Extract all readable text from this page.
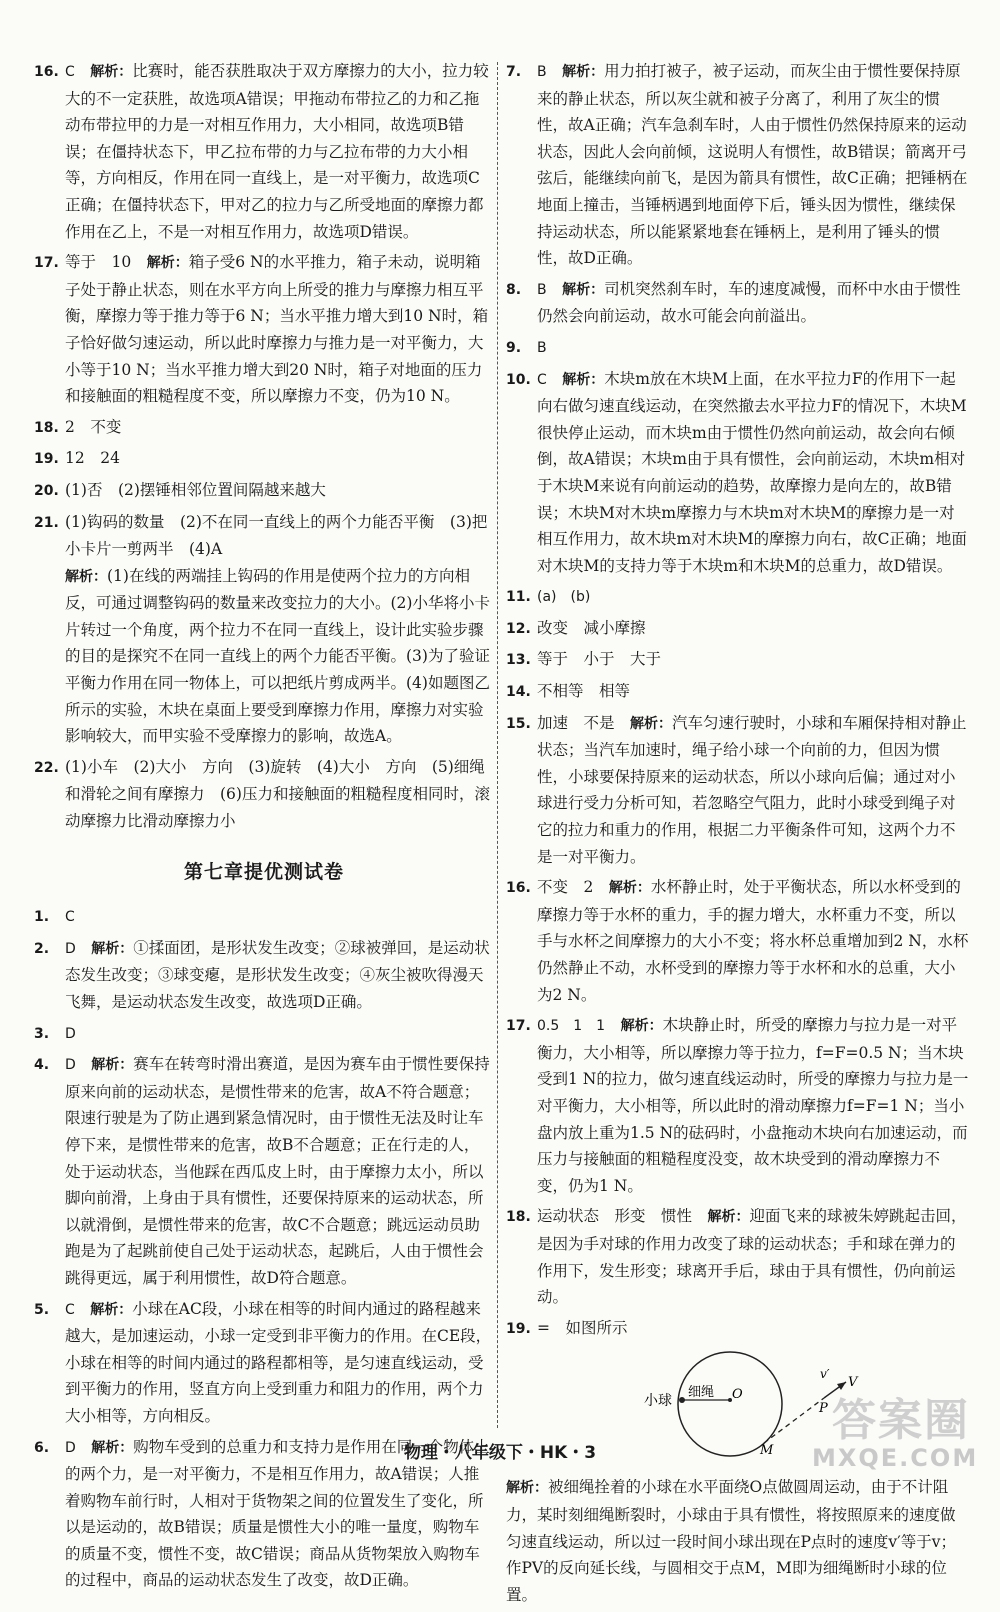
16. C　 解析：比赛时，能否获胜取决于双方摩擦力的大小，拉力较大的不一定获胜，故选项A错误；甲拖动布带拉乙的力和乙拖动布带拉甲的力是一对相互作用力，大小相同，故选项B错误；在僵持状态下，甲乙拉布带的力与乙拉布带的力大小相等，方向相反，作用在同一直线上，是一对平衡力，故选项C正确；在僵持状态下，甲对乙的拉力与乙所受地面的摩擦力都作用在乙上，不是一对相互作用力，故选项D错误。

17. 等于　10　 解析：箱子受6 N的水平推力，箱子未动，说明箱子处于静止状态，则在水平方向上所受的推力与摩擦力相互平衡，摩擦力等于推力等于6 N；当水平推力增大到10 N时，箱子恰好做匀速运动，所以此时摩擦力与推力是一对平衡力，大小等于10 N；当水平推力增大到20 N时，箱子对地面的压力和接触面的粗糙程度不变，所以摩擦力不变，仍为10 N。

18. 2　不变

19. 12　24

20. (1)否　(2)摆锤相邻位置间隔越来越大

21. (1)钩码的数量　(2)不在同一直线上的两个力能否平衡　(3)把小卡片一剪两半　(4)A

解析：(1)在线的两端挂上钩码的作用是使两个拉力的方向相反，可通过调整钩码的数量来改变拉力的大小。(2)小华将小卡片转过一个角度，两个拉力不在同一直线上，设计此实验步骤的目的是探究不在同一直线上的两个力能否平衡。(3)为了验证平衡力作用在同一物体上，可以把纸片剪成两半。(4)如题图乙所示的实验，木块在桌面上要受到摩擦力作用，摩擦力对实验影响较大，而甲实验不受摩擦力的影响，故选A。

22. (1)小车　(2)大小　方向　(3)旋转　(4)大小　方向　(5)细绳和滑轮之间有摩擦力　(6)压力和接触面的粗糙程度相同时，滚动摩擦力比滑动摩擦力小

第七章提优测试卷

1. C

2. D　 解析：①揉面团，是形状发生改变；②球被弹回，是运动状态发生改变；③球变瘪，是形状发生改变；④灰尘被吹得漫天飞舞，是运动状态发生改变，故选项D正确。

3. D

4. D　 解析：赛车在转弯时滑出赛道，是因为赛车由于惯性要保持原来向前的运动状态，是惯性带来的危害，故A不符合题意；限速行驶是为了防止遇到紧急情况时，由于惯性无法及时让车停下来，是惯性带来的危害，故B不合题意；正在行走的人，处于运动状态，当他踩在西瓜皮上时，由于摩擦力太小，所以脚向前滑，上身由于具有惯性，还要保持原来的运动状态，所以就滑倒，是惯性带来的危害，故C不合题意；跳远运动员助跑是为了起跳前使自己处于运动状态，起跳后，人由于惯性会跳得更远，属于利用惯性，故D符合题意。

5. C　 解析：小球在AC段，小球在相等的时间内通过的路程越来越大，是加速运动，小球一定受到非平衡力的作用。在CE段，小球在相等的时间内通过的路程都相等，是匀速直线运动，受到平衡力的作用，竖直方向上受到重力和阻力的作用，两个力大小相等，方向相反。

6. D　 解析：购物车受到的总重力和支持力是作用在同一个物体上的两个力，是一对平衡力，不是相互作用力，故A错误；人推着购物车前行时，人相对于货物架之间的位置发生了变化，所以是运动的，故B错误；质量是惯性大小的唯一量度，购物车的质量不变，惯性不变，故C错误；商品从货物架放入购物车的过程中，商品的运动状态发生了改变，故D正确。

7. B　 解析：用力拍打被子，被子运动，而灰尘由于惯性要保持原来的静止状态，所以灰尘就和被子分离了，利用了灰尘的惯性，故A正确；汽车急刹车时，人由于惯性仍然保持原来的运动状态，因此人会向前倾，这说明人有惯性，故B错误；箭离开弓弦后，能继续向前飞，是因为箭具有惯性，故C正确；把锤柄在地面上撞击，当锤柄遇到地面停下后，锤头因为惯性，继续保持运动状态，所以能紧紧地套在锤柄上，是利用了锤头的惯性，故D正确。

8. B　 解析：司机突然刹车时，车的速度减慢，而杯中水由于惯性仍然会向前运动，故水可能会向前溢出。

9. B

10. C　 解析：木块m放在木块M上面，在水平拉力F的作用下一起向右做匀速直线运动，在突然撤去水平拉力F的情况下，木块M很快停止运动，而木块m由于惯性仍然向前运动，故会向右倾倒，故A错误；木块m由于具有惯性，会向前运动，木块m相对于木块M来说有向前运动的趋势，故摩擦力是向左的，故B错误；木块M对木块m摩擦力与木块m对木块M的摩擦力是一对相互作用力，故木块m对木块M的摩擦力向右，故C正确；地面对木块M的支持力等于木块m和木块M的总重力，故D错误。

11. (a)　(b)

12. 改变　减小摩擦

13. 等于　小于　大于

14. 不相等　相等

15. 加速　不是　 解析：汽车匀速行驶时，小球和车厢保持相对静止状态；当汽车加速时，绳子给小球一个向前的力，但因为惯性，小球要保持原来的运动状态，所以小球向后偏；通过对小球进行受力分析可知，若忽略空气阻力，此时小球受到绳子对它的拉力和重力的作用，根据二力平衡条件可知，这两个力不是一对平衡力。

16. 不变　2　 解析：水杯静止时，处于平衡状态，所以水杯受到的摩擦力等于水杯的重力，手的握力增大，水杯重力不变，所以手与水杯之间摩擦力的大小不变；将水杯总重增加到2 N，水杯仍然静止不动，水杯受到的摩擦力等于水杯和水的总重，大小为2 N。

17. 0.5　1　1　 解析：木块静止时，所受的摩擦力与拉力是一对平衡力，大小相等，所以摩擦力等于拉力，f=F=0.5 N；当木块受到1 N的拉力，做匀速直线运动时，所受的摩擦力与拉力是一对平衡力，大小相等，所以此时的滑动摩擦力f=F=1 N；当小盘内放上重为1.5 N的砝码时，小盘拖动木块向右加速运动，而压力与接触面的粗糙程度没变，故木块受到的滑动摩擦力不变，仍为1 N。

18. 运动状态　形变　惯性　 解析：迎面飞来的球被朱婷跳起击回，是因为手对球的作用力改变了球的运动状态；手和球在弹力的作用下，发生形变；球离开手后，球由于具有惯性，仍向前运动。

19. =　如图所示

小球
细绳 O
M
P
V
v′

解析：被细绳拴着的小球在水平面绕O点做圆周运动，由于不计阻力，某时刻细绳断裂时，小球由于具有惯性，将按照原来的速度做匀速直线运动，所以过一段时间小球出现在P点时的速度v′等于v；作PV的反向延长线，与圆相交于点M，M即为细绳断时小球的位置。

物理・八年级下・HK・3
答案圈
MXQE.COM
